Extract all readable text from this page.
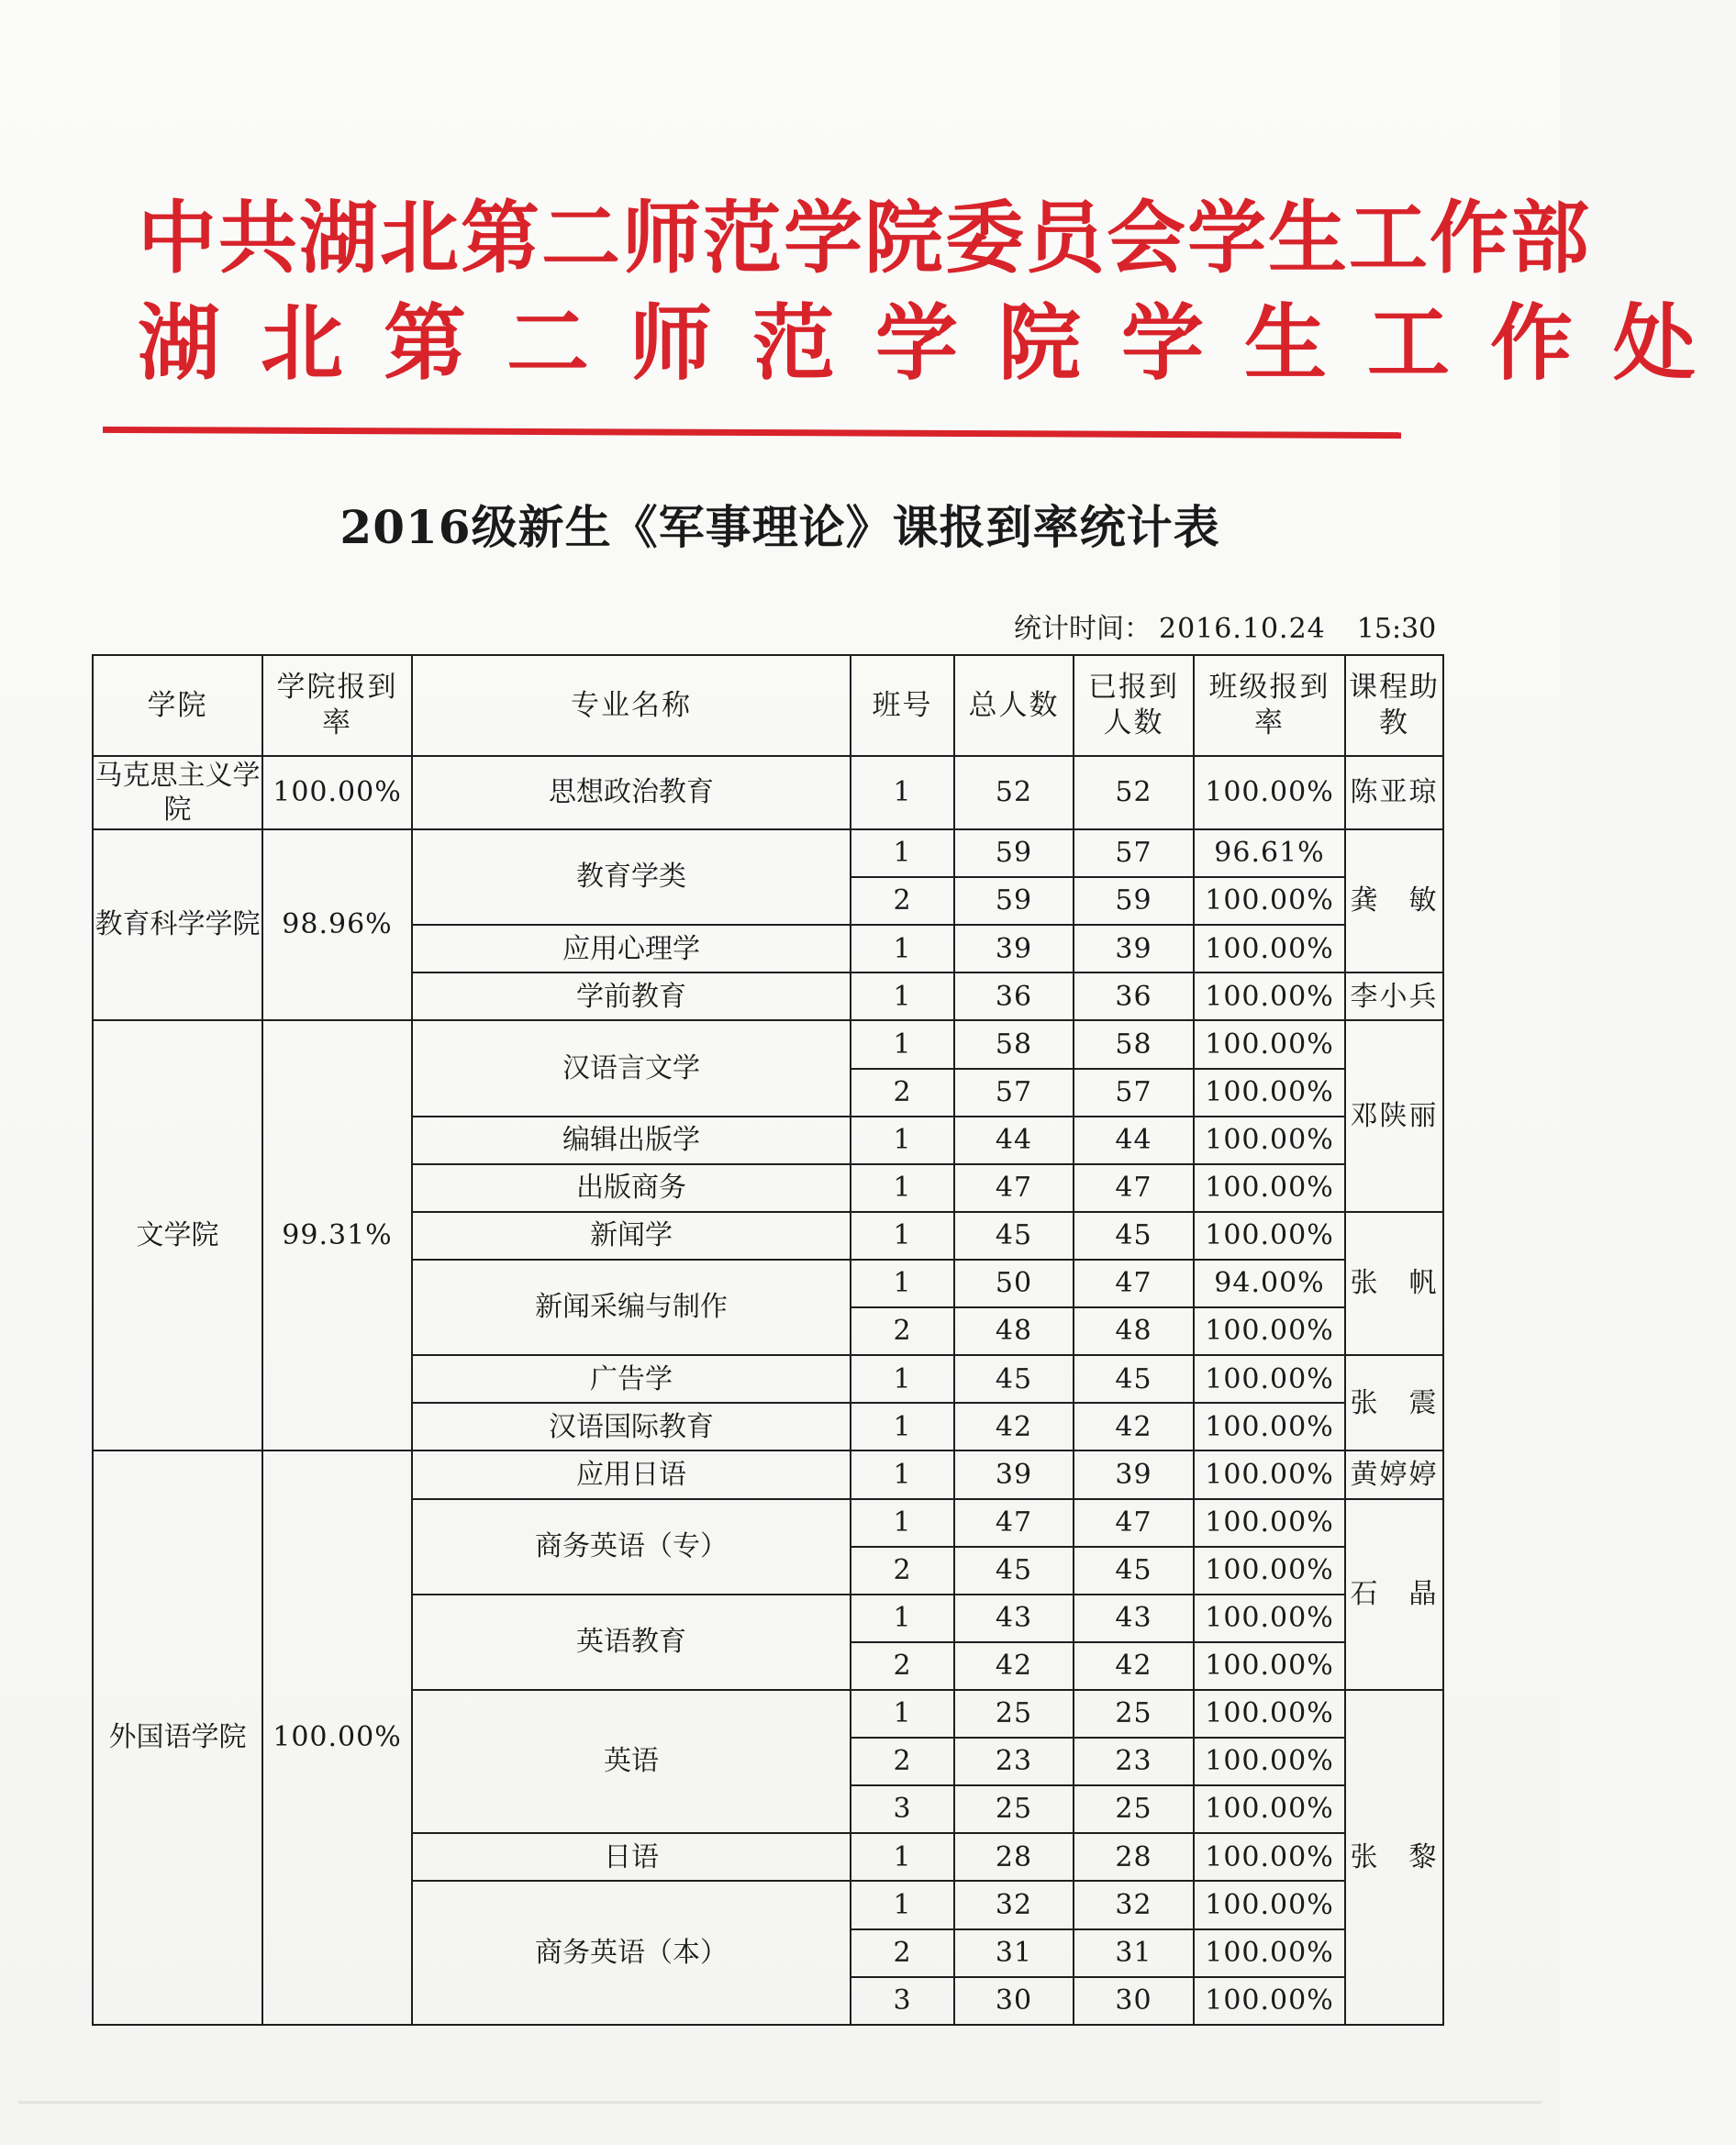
中共湖北第二师范学院委员会学生工作部
湖北第二师范学院学生工作处
2016级新生《军事理论》课报到率统计表
统计时间： 2016.10.24 15:30
学院	学院报到率	专业名称	班号	总人数	已报到人数	班级报到率	课程助教
马克思主义学院	100.00%	思想政治教育	1	52	52	100.00%	陈亚琼
教育科学学院	98.96%	教育学类	1	59	57	96.61%	龚　敏
			2	59	59	100.00%	
		应用心理学	1	39	39	100.00%	
		学前教育	1	36	36	100.00%	李小兵
文学院	99.31%	汉语言文学	1	58	58	100.00%	邓陕丽
			2	57	57	100.00%	
		编辑出版学	1	44	44	100.00%	
		出版商务	1	47	47	100.00%	
		新闻学	1	45	45	100.00%	张　帆
		新闻采编与制作	1	50	47	94.00%	
			2	48	48	100.00%	
		广告学	1	45	45	100.00%	张　震
		汉语国际教育	1	42	42	100.00%	
外国语学院	100.00%	应用日语	1	39	39	100.00%	黄婷婷
		商务英语（专）	1	47	47	100.00%	石　晶
			2	45	45	100.00%	
		英语教育	1	43	43	100.00%	
			2	42	42	100.00%	
		英语	1	25	25	100.00%	张　黎
			2	23	23	100.00%	
			3	25	25	100.00%	
		日语	1	28	28	100.00%	
		商务英语（本）	1	32	32	100.00%	
			2	31	31	100.00%	
			3	30	30	100.00%	
